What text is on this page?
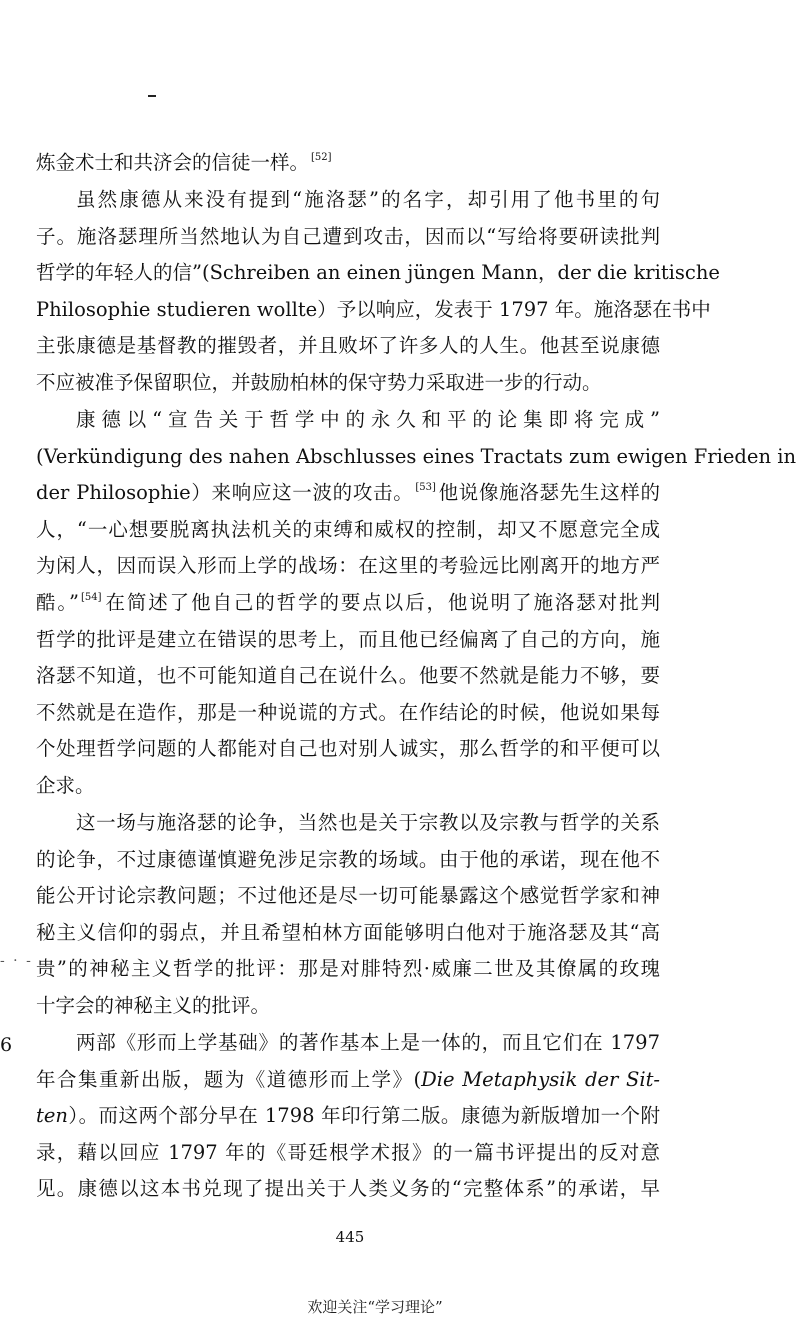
炼金术士和共济会的信徒一样。 [52]
虽然康德从来没有提到“施洛瑟”的名字，却引用了他书里的句
子。施洛瑟理所当然地认为自己遭到攻击，因而以“写给将要研读批判
哲学的年轻人的信”(Schreiben an einen jüngen Mann，der die kritische
Philosophie studieren wollte）予以响应，发表于 1797 年。施洛瑟在书中
主张康德是基督教的摧毁者，并且败坏了许多人的人生。他甚至说康德
不应被准予保留职位，并鼓励柏林的保守势力采取进一步的行动。
康德以“宣告关于哲学中的永久和平的论集即将完成”
(Verkündigung des nahen Abschlusses eines Tractats zum ewigen Frieden in
der Philosophie）来响应这一波的攻击。 [53] 他说像施洛瑟先生这样的
人，“一心想要脱离执法机关的束缚和威权的控制，却又不愿意完全成
为闲人，因而误入形而上学的战场：在这里的考验远比刚离开的地方严
酷。” [54] 在简述了他自己的哲学的要点以后，他说明了施洛瑟对批判
哲学的批评是建立在错误的思考上，而且他已经偏离了自己的方向，施
洛瑟不知道，也不可能知道自己在说什么。他要不然就是能力不够，要
不然就是在造作，那是一种说谎的方式。在作结论的时候，他说如果每
个处理哲学问题的人都能对自己也对别人诚实，那么哲学的和平便可以
企求。
这一场与施洛瑟的论争，当然也是关于宗教以及宗教与哲学的关系
的论争，不过康德谨慎避免涉足宗教的场域。由于他的承诺，现在他不
能公开讨论宗教问题；不过他还是尽一切可能暴露这个感觉哲学家和神
秘主义信仰的弱点，并且希望柏林方面能够明白他对于施洛瑟及其“高
贵”的神秘主义哲学的批评：那是对腓特烈·威廉二世及其僚属的玫瑰
十字会的神秘主义的批评。
- · -
6	两部《形而上学基础》的著作基本上是一体的，而且它们在 1797
年合集重新出版，题为《道德形而上学》(Die Metaphysik der Sit-
ten）。而这两个部分早在 1798 年印行第二版。康德为新版增加一个附
录，藉以回应 1797 年的《哥廷根学术报》的一篇书评提出的反对意
见。康德以这本书兑现了提出关于人类义务的“完整体系”的承诺，早
445
欢迎关注“学习理论”
